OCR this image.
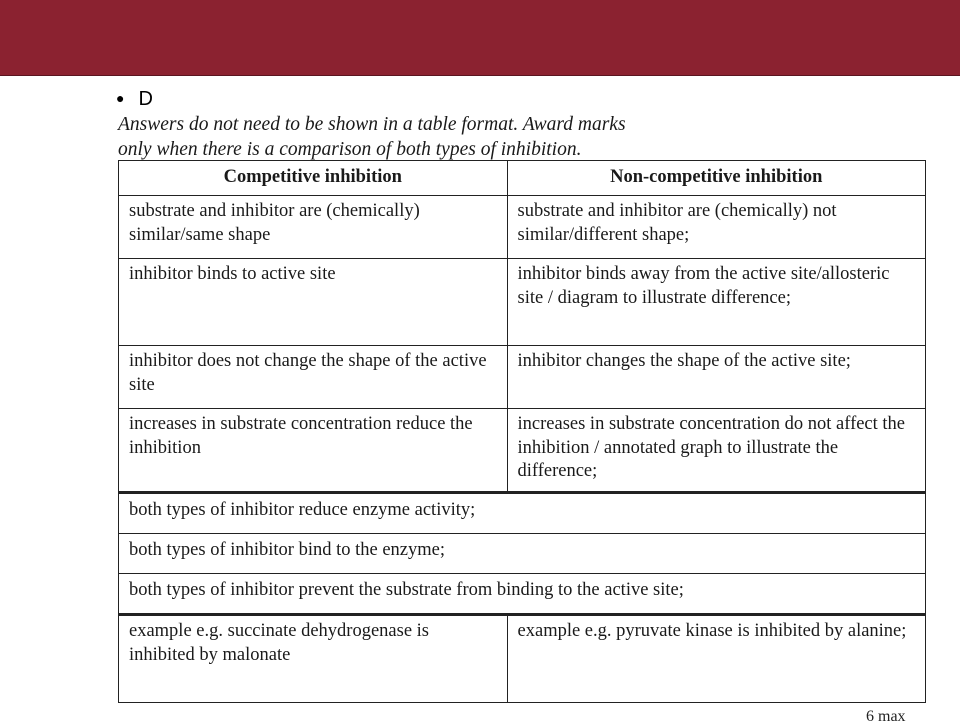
● D
Answers do not need to be shown in a table format. Award marks
only when there is a comparison of both types of inhibition.
Competitive inhibition	Non-competitive inhibition
substrate and inhibitor are (chemically) similar/same shape	substrate and inhibitor are (chemically) not similar/different shape;
inhibitor binds to active site	inhibitor binds away from the active site/allosteric site / diagram to illustrate difference;
inhibitor does not change the shape of the active site	inhibitor changes the shape of the active site;
increases in substrate concentration reduce the inhibition	increases in substrate concentration do not affect the inhibition / annotated graph to illustrate the difference;
both types of inhibitor reduce enzyme activity;	
both types of inhibitor bind to the enzyme;	
both types of inhibitor prevent the substrate from binding to the active site;	
example e.g. succinate dehydrogenase is inhibited by malonate	example e.g. pyruvate kinase is inhibited by alanine;
6 max
